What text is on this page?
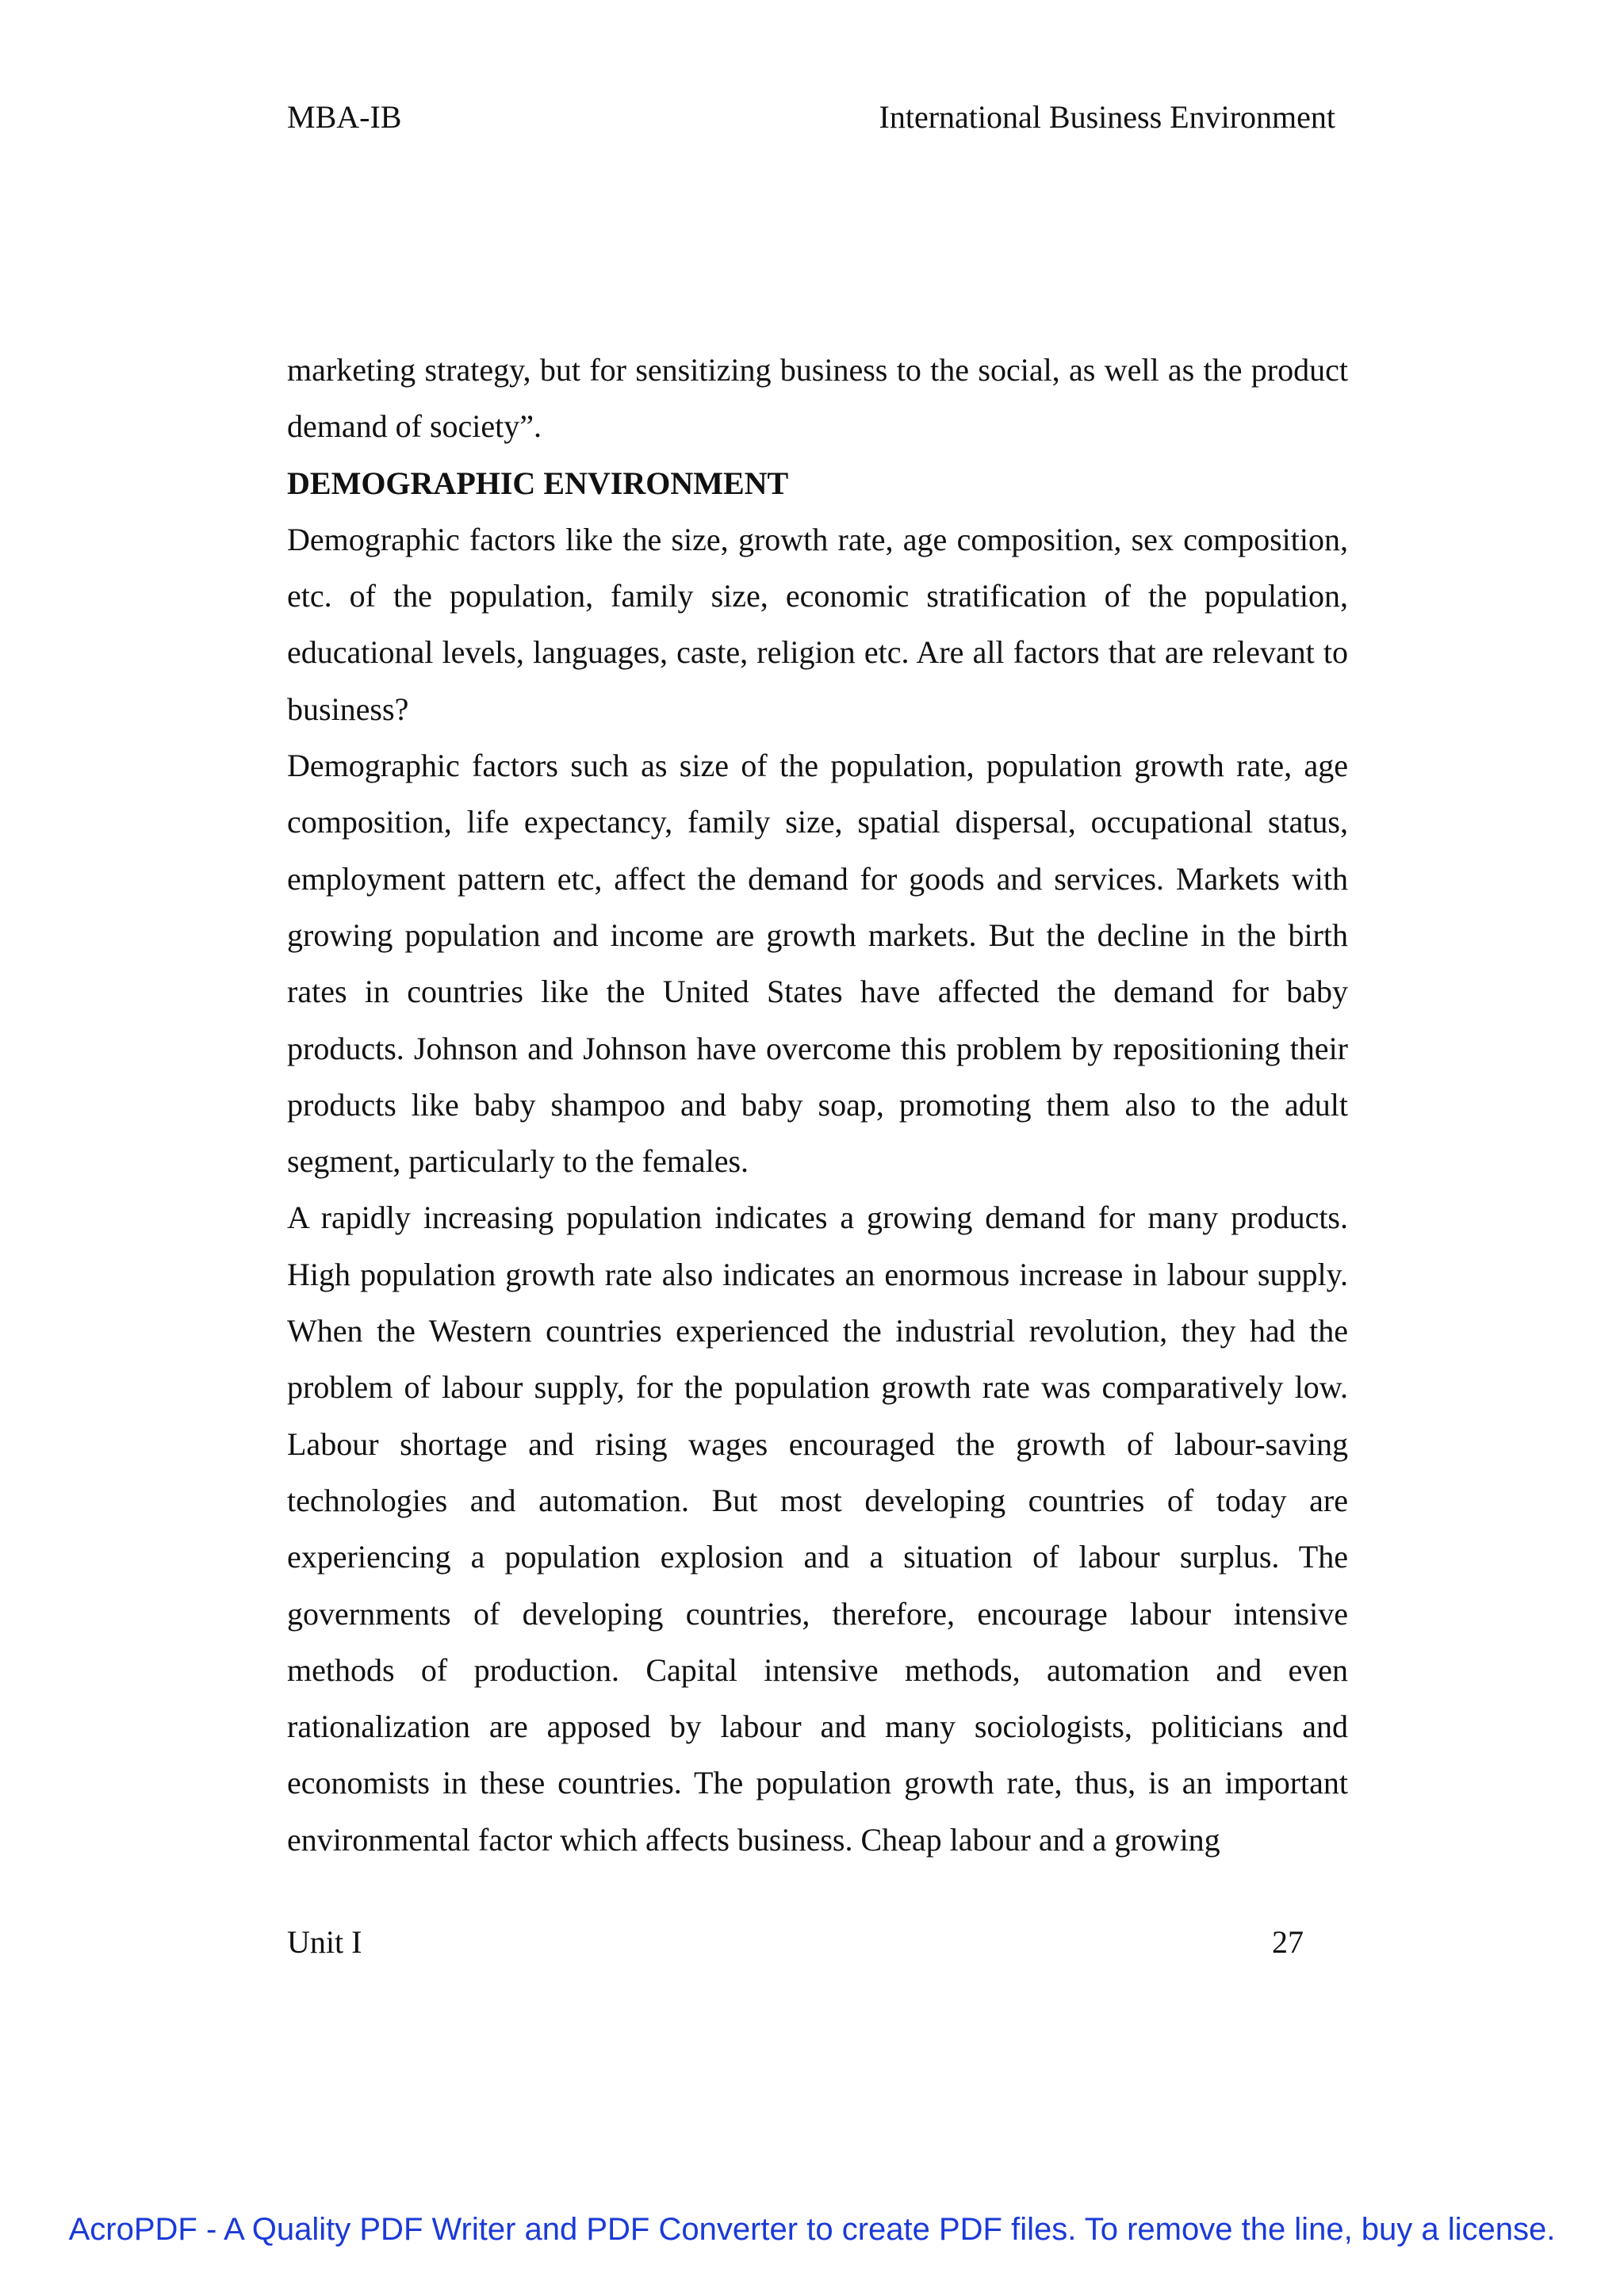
MBA-IB	International Business Environment

marketing strategy, but for sensitizing business to the social, as well as the product demand of society”.

DEMOGRAPHIC ENVIRONMENT

Demographic factors like the size, growth rate, age composition, sex composition, etc. of the population, family size, economic stratification of the population, educational levels, languages, caste, religion etc. Are all factors that are relevant to business?

Demographic factors such as size of the population, population growth rate, age composition, life expectancy, family size, spatial dispersal, occupational status, employment pattern etc, affect the demand for goods and services. Markets with growing population and income are growth markets. But the decline in the birth rates in countries like the United States have affected the demand for baby products. Johnson and Johnson have overcome this problem by repositioning their products like baby shampoo and baby soap, promoting them also to the adult segment, particularly to the females.

A rapidly increasing population indicates a growing demand for many products. High population growth rate also indicates an enormous increase in labour supply. When the Western countries experienced the industrial revolution, they had the problem of labour supply, for the population growth rate was comparatively low. Labour shortage and rising wages encouraged the growth of labour-saving technologies and automation. But most developing countries of today are experiencing a population explosion and a situation of labour surplus. The governments of developing countries, therefore, encourage labour intensive methods of production. Capital intensive methods, automation and even rationalization are apposed by labour and many sociologists, politicians and economists in these countries. The population growth rate, thus, is an important environmental factor which affects business. Cheap labour and a growing

Unit I	27
AcroPDF - A Quality PDF Writer and PDF Converter to create PDF files. To remove the line, buy a license.
